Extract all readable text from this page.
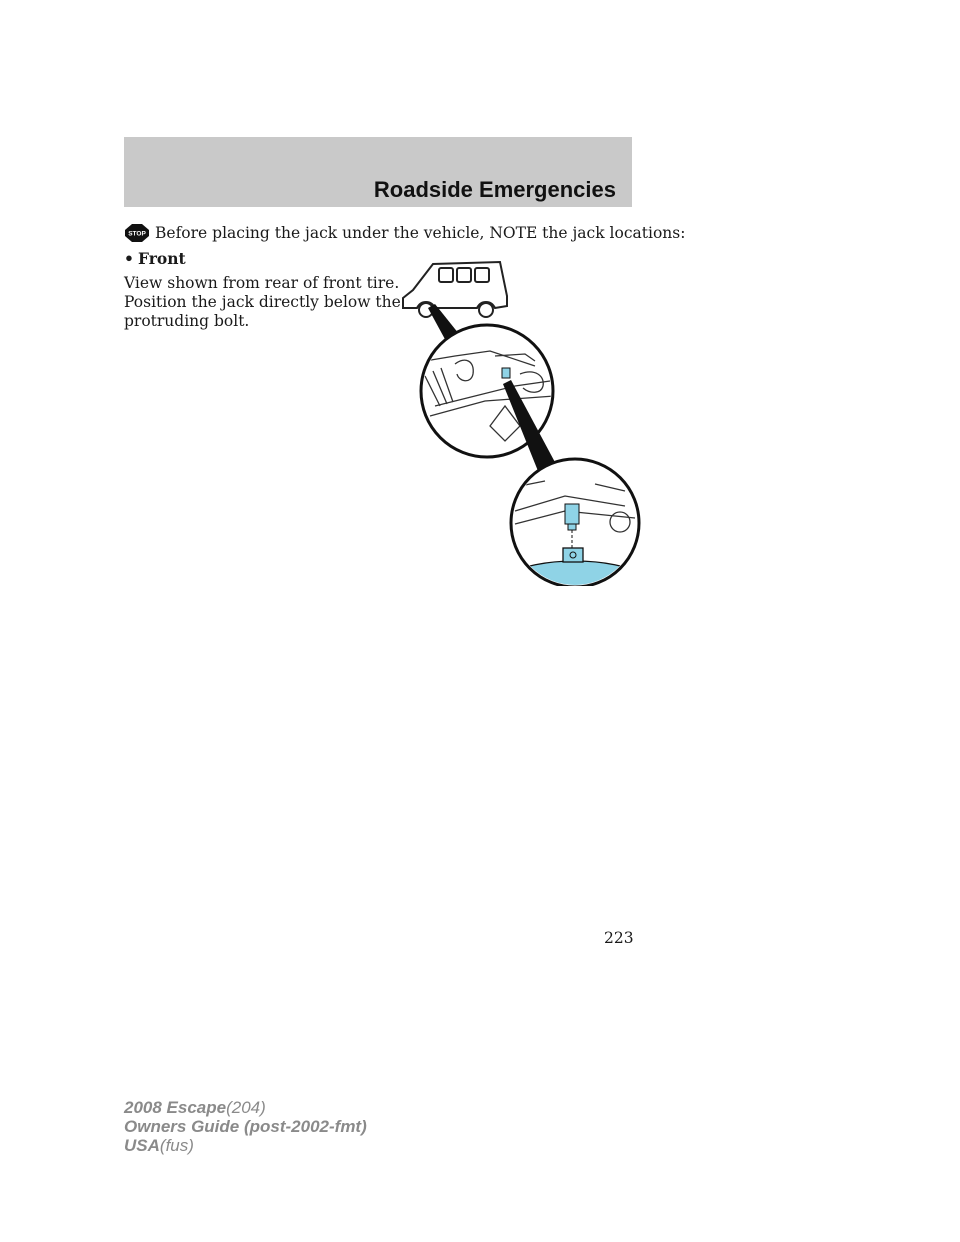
Roadside Emergencies
STOP Before placing the jack under the vehicle, NOTE the jack locations:
• Front
View shown from rear of front tire.
Position the jack directly below the
protruding bolt.
223
2008 Escape(204)
Owners Guide (post-2002-fmt)
USA(fus)
